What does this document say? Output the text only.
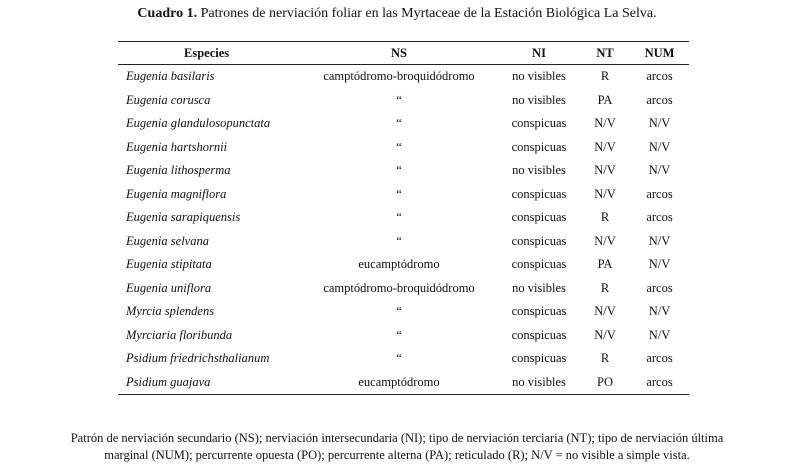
Cuadro 1. Patrones de nerviación foliar en las Myrtaceae de la Estación Biológica La Selva.
Especies	NS	NI	NT	NUM
Eugenia basilaris	camptódromo-broquidódromo	no visibles	R	arcos
Eugenia coruscа	“	no visibles	PA	arcos
Eugenia glandulosopunctata	“	conspicuas	N/V	N/V
Eugenia hartshornii	“	conspicuas	N/V	N/V
Eugenia lithosperma	“	no visibles	N/V	N/V
Eugenia magniflora	“	conspicuas	N/V	arcos
Eugenia sarapiquensis	“	conspicuas	R	arcos
Eugenia selvana	“	conspicuas	N/V	N/V
Eugenia stipitata	eucamptódromo	conspicuas	PA	N/V
Eugenia uniflora	camptódromo-broquidódromo	no visibles	R	arcos
Myrcia splendens	“	conspicuas	N/V	N/V
Myrciaria floribunda	“	conspicuas	N/V	N/V
Psidium friedrichsthalianum	“	conspicuas	R	arcos
Psidium guajava	eucamptódromo	no visibles	PO	arcos
Patrón de nerviación secundario (NS); nerviación intersecundaria (NI); tipo de nerviación terciaria (NT); tipo de nerviación última
marginal (NUM); percurrente opuesta (PO); percurrente alterna (PA); reticulado (R); N/V = no visible a simple vista.
